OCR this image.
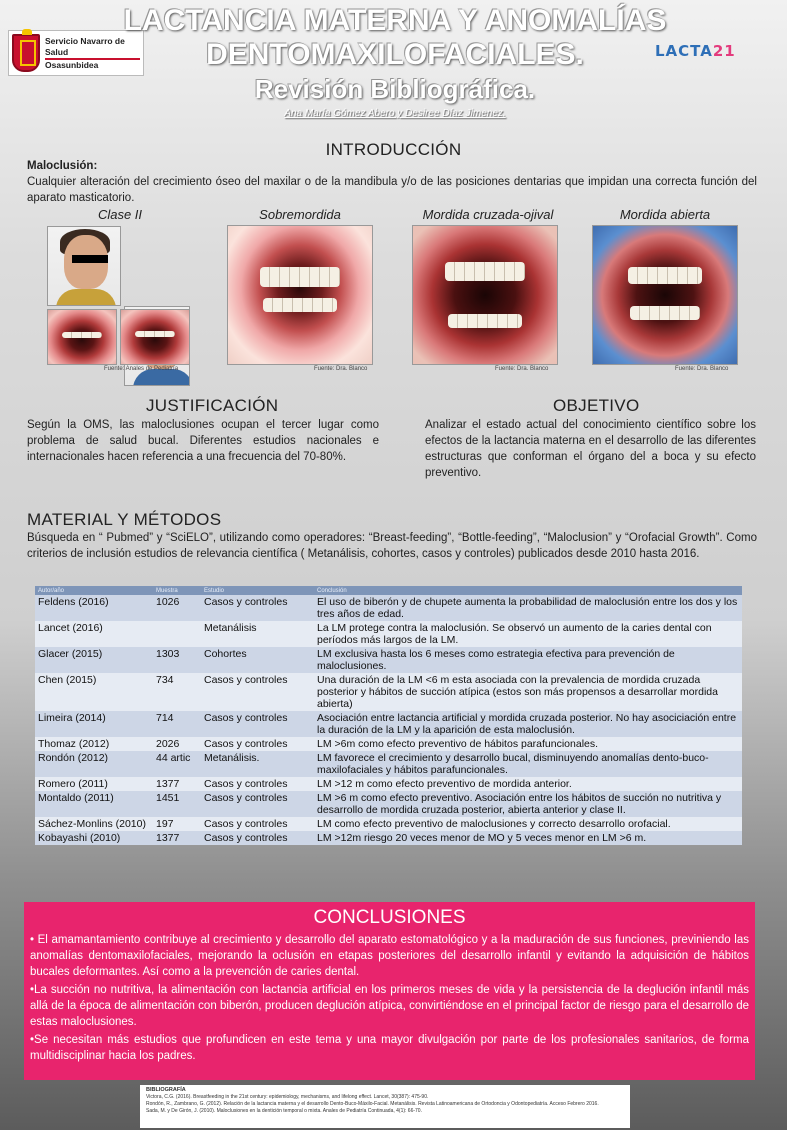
Servicio Navarro de Salud
Osasunbidea
LACTANCIA MATERNA Y ANOMALÍAS
DENTOMAXILOFACIALES.
Revisión Bibliográfica.
Ana María Gómez Abero y Desiree Díaz Jimenez.
LACTA21
INTRODUCCIÓN
Maloclusión:
Cualquier alteración del crecimiento óseo del maxilar o de la mandibula y/o de las posiciones dentarias que impidan una correcta función del aparato masticatorio.
Clase II	Sobremordida	Mordida cruzada-ojival	Mordida abierta
Fuente: Anales de Pediatría	Fuente: Dra. Blanco	Fuente: Dra. Blanco	Fuente: Dra. Blanco
JUSTIFICACIÓN
Según la OMS, las maloclusiones ocupan el tercer lugar como problema de salud bucal. Diferentes estudios nacionales e internacionales hacen referencia a una frecuencia del 70-80%.
OBJETIVO
Analizar el estado actual del conocimiento científico sobre los efectos de la lactancia materna en el desarrollo de las diferentes estructuras que conforman el órgano del a boca y su efecto preventivo.
MATERIAL Y MÉTODOS
Búsqueda en “ Pubmed” y “SciELO”, utilizando como operadores: “Breast-feeding”, “Bottle-feeding”, “Maloclusion” y “Orofacial Growth”. Como criterios de inclusión estudios de relevancia científica ( Metanálisis, cohortes, casos y controles) publicados desde 2010 hasta 2016.
Autor/año	Muestra	Estudio	Conclusión
Feldens (2016)	1026	Casos y controles	El uso de biberón y de chupete aumenta la probabilidad de maloclusión entre los dos y los tres años de edad.
Lancet (2016)		Metanálisis	La LM protege contra la maloclusión. Se observó un aumento de la caries dental con períodos más largos de la LM.
Glacer (2015)	1303	Cohortes	LM exclusiva hasta los 6 meses como estrategia efectiva para prevención de maloclusiones.
Chen (2015)	734	Casos y controles	Una duración de la LM <6 m esta asociada con la prevalencia de mordida cruzada posterior y hábitos de succión atípica (estos son más propensos a desarrollar mordida abierta)
Limeira (2014)	714	Casos y controles	Asociación entre lactancia artificial y mordida cruzada posterior. No hay asociciación entre la duración de la LM y la aparición de esta maloclusión.
Thomaz (2012)	2026	Casos y controles	LM >6m como efecto preventivo de hábitos parafuncionales.
Rondón (2012)	44 artic	Metanálisis.	LM favorece el crecimiento y desarrollo bucal, disminuyendo anomalías dento-buco-maxilofaciales y hábitos parafuncionales.
Romero (2011)	1377	Casos y controles	LM >12 m como efecto preventivo de mordida anterior.
Montaldo (2011)	1451	Casos y controles	LM >6 m como efecto preventivo. Asociación entre los hábitos de succión no nutritiva y desarrollo de mordida cruzada posterior, abierta anterior y clase II.
Sáchez-Monlins (2010)	197	Casos y controles	LM como efecto preventivo de maloclusiones y correcto desarrollo orofacial.
Kobayashi (2010)	1377	Casos y controles	LM >12m riesgo 20 veces menor de MO y 5 veces menor en LM >6 m.
CONCLUSIONES

• El amamantamiento contribuye al crecimiento y desarrollo del aparato estomatológico y a la maduración de sus funciones, previniendo las anomalías dentomaxilofaciales, mejorando la oclusión en etapas posteriores del desarrollo infantil y evitando la adquisición de hábitos bucales deformantes. Así como a la prevención de caries dental.

•La succión no nutritiva, la alimentación con lactancia artificial en los primeros meses de vida y la persistencia de la deglución infantil más allá de la época de alimentación con biberón, producen deglución atípica, convirtiéndose en el principal factor de riesgo para el desarrollo de estas maloclusiones.

•Se necesitan más estudios que profundicen en este tema y una mayor divulgación por parte de los profesionales sanitarios, de forma multidisciplinar hacia los padres.

BIBLIOGRAFÍA
Victora, C.G. (2016). Breastfeeding in the 21st century: epidemiology, mechanisms, and lifelong effect. Lancet, 30(387): 475-90.
Rondón, R., Zambrano, G. (2012). Relación de la lactancia materna y el desarrollo Dento-Buco-Máxilo-Facial. Metanálisis. Revista Latinoamericana de Ortodoncia y Odontopediatría. Acceso Febrero 2016.
Sada, M. y De Girón, J. (2010). Maloclusiones en la dentición temporal o mixta. Anales de Pediatría Continuada, 4(1): 66-70.
